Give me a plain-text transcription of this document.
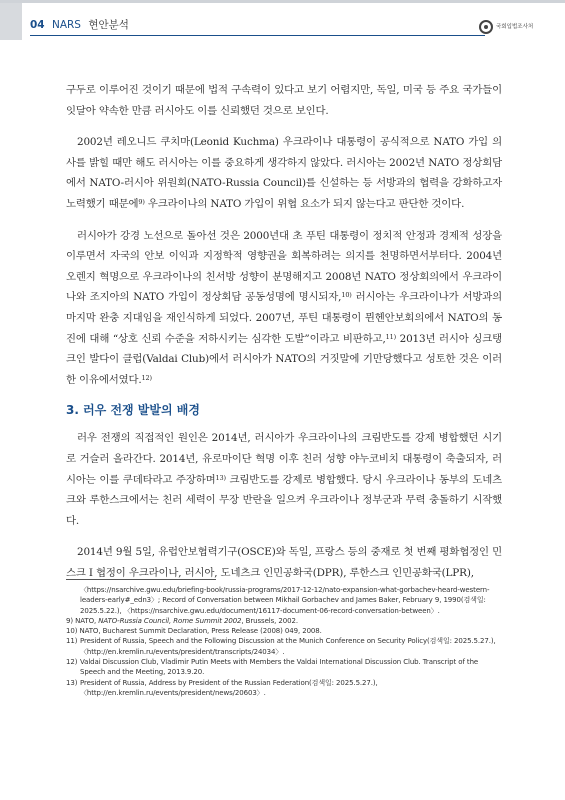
04 NARS 현안분석	국회입법조사처

구두로 이루어진 것이기 때문에 법적 구속력이 있다고 보기 어렵지만, 독일, 미국 등 주요 국가들이 잇달아 약속한 만큼 러시아도 이를 신뢰했던 것으로 보인다.

2002년 레오니드 쿠치마(Leonid Kuchma) 우크라이나 대통령이 공식적으로 NATO 가입 의사를 밝힐 때만 해도 러시아는 이를 중요하게 생각하지 않았다. 러시아는 2002년 NATO 정상회담에서 NATO-러시아 위원회(NATO-Russia Council)를 신설하는 등 서방과의 협력을 강화하고자 노력했기 때문에$^{9)}$ 우크라이나의 NATO 가입이 위협 요소가 되지 않는다고 판단한 것이다.

러시아가 강경 노선으로 돌아선 것은 2000년대 초 푸틴 대통령이 정치적 안정과 경제적 성장을 이루면서 자국의 안보 이익과 지정학적 영향권을 회복하려는 의지를 천명하면서부터다. 2004년 오렌지 혁명으로 우크라이나의 친서방 성향이 분명해지고 2008년 NATO 정상회의에서 우크라이나와 조지아의 NATO 가입이 정상회담 공동성명에 명시되자,$^{10)}$ 러시아는 우크라이나가 서방과의 마지막 완충 지대임을 재인식하게 되었다. 2007년, 푸틴 대통령이 뮌헨안보회의에서 NATO의 동진에 대해 “상호 신뢰 수준을 저하시키는 심각한 도발”이라고 비판하고,$^{11)}$ 2013년 러시아 싱크탱크인 발다이 클럽(Valdai Club)에서 러시아가 NATO의 거짓말에 기만당했다고 성토한 것은 이러한 이유에서였다.$^{12)}$

3. 러우 전쟁 발발의 배경

러우 전쟁의 직접적인 원인은 2014년, 러시아가 우크라이나의 크림반도를 강제 병합했던 시기로 거슬러 올라간다. 2014년, 유로마이단 혁명 이후 친러 성향 야누코비치 대통령이 축출되자, 러시아는 이를 쿠데타라고 주장하며$^{13)}$ 크림반도를 강제로 병합했다. 당시 우크라이나 동부의 도네츠크와 루한스크에서는 친러 세력이 무장 반란을 일으켜 우크라이나 정부군과 무력 충돌하기 시작했다.

2014년 9월 5일, 유럽안보협력기구(OSCE)와 독일, 프랑스 등의 중재로 첫 번째 평화협정인 민스크 I 협정이 우크라이나, 러시아, 도네츠크 인민공화국(DPR), 루한스크 인민공화국(LPR),

〈https://nsarchive.gwu.edu/briefing-book/russia-programs/2017-12-12/nato-expansion-what-gorbachev-heard-western-leaders-early#_edn3〉; Record of Conversation between Mikhail Gorbachev and James Baker, February 9, 1990(검색일: 2025.5.22.), 〈https://nsarchive.gwu.edu/document/16117-document-06-record-conversation-between〉.

9) NATO, NATO-Russia Council, Rome Summit 2002, Brussels, 2002.

10) NATO, Bucharest Summit Declaration, Press Release (2008) 049, 2008.

11) President of Russia, Speech and the Following Discussion at the Munich Conference on Security Policy(검색일: 2025.5.27.), 〈http://en.kremlin.ru/events/president/transcripts/24034〉.

12) Valdai Discussion Club, Vladimir Putin Meets with Members the Valdai International Discussion Club. Transcript of the Speech and the Meeting, 2013.9.20.

13) President of Russia, Address by President of the Russian Federation(검색일: 2025.5.27.), 〈http://en.kremlin.ru/events/president/news/20603〉.
